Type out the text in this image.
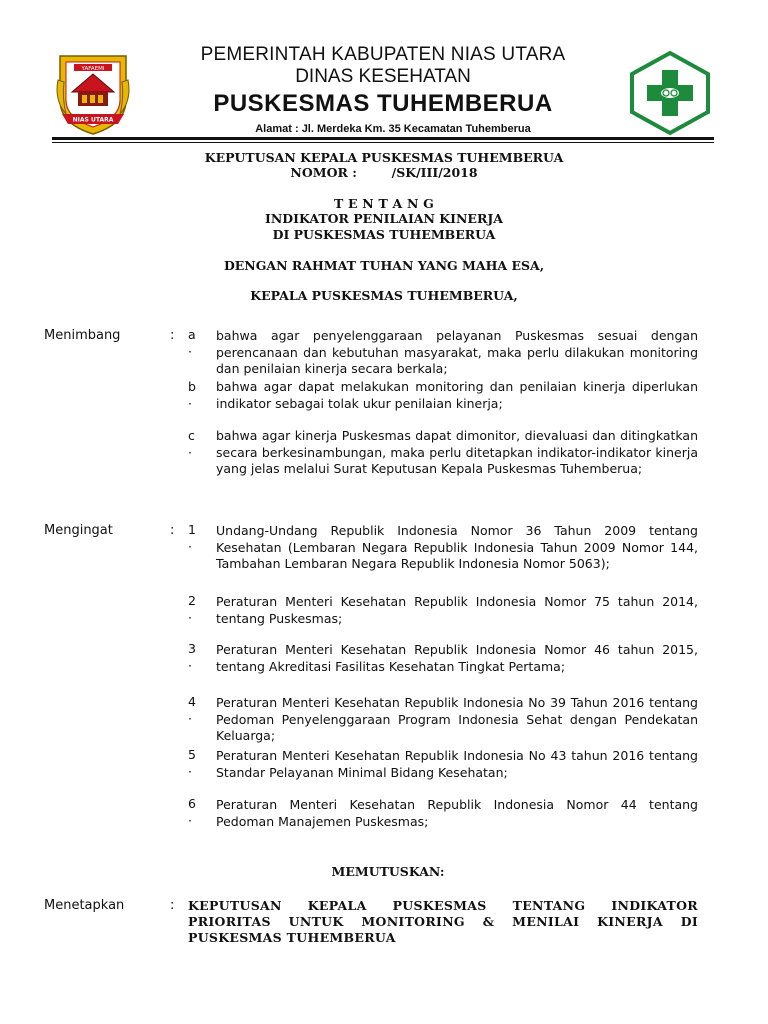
YAFAEMI
NIAS UTARA
PEMERINTAH KABUPATEN NIAS UTARA
DINAS KESEHATAN
PUSKESMAS TUHEMBERUA
Alamat : Jl. Merdeka Km. 35 Kecamatan Tuhemberua
KEPUTUSAN KEPALA PUSKESMAS TUHEMBERUA
NOMOR :        /SK/III/2018
T E N T A N G
INDIKATOR PENILAIAN KINERJA
DI PUSKESMAS TUHEMBERUA
DENGAN RAHMAT TUHAN YANG MAHA ESA,
KEPALA PUSKESMAS TUHEMBERUA,
Menimbang	: a
·
bahwa agar penyelenggaraan pelayanan Puskesmas sesuai dengan perencanaan dan kebutuhan masyarakat, maka perlu dilakukan monitoring dan penilaian kinerja secara berkala;
b
·
bahwa agar dapat melakukan monitoring dan penilaian kinerja diperlukan indikator sebagai tolak ukur penilaian kinerja;
c
·
bahwa agar kinerja Puskesmas dapat dimonitor, dievaluasi dan ditingkatkan secara berkesinambungan, maka perlu ditetapkan indikator-indikator kinerja yang jelas melalui Surat Keputusan Kepala Puskesmas Tuhemberua;
Mengingat	: 1
·
Undang-Undang Republik Indonesia Nomor 36 Tahun 2009 tentang Kesehatan (Lembaran Negara Republik Indonesia Tahun 2009 Nomor 144, Tambahan Lembaran Negara Republik Indonesia Nomor 5063);
2
·
Peraturan Menteri Kesehatan Republik Indonesia Nomor 75 tahun 2014, tentang Puskesmas;
3
·
Peraturan Menteri Kesehatan Republik Indonesia Nomor 46 tahun 2015, tentang Akreditasi Fasilitas Kesehatan Tingkat Pertama;
4
·
Peraturan Menteri Kesehatan Republik Indonesia No 39 Tahun 2016 tentang Pedoman Penyelenggaraan Program Indonesia Sehat dengan Pendekatan Keluarga;
5
·
Peraturan Menteri Kesehatan Republik Indonesia No 43 tahun 2016 tentang Standar Pelayanan Minimal Bidang Kesehatan;
6
·
Peraturan Menteri Kesehatan Republik Indonesia Nomor 44 tentang Pedoman Manajemen Puskesmas;
MEMUTUSKAN:
Menetapkan	: KEPUTUSAN KEPALA PUSKESMAS TENTANG INDIKATOR PRIORITAS UNTUK MONITORING & MENILAI KINERJA DI PUSKESMAS TUHEMBERUA
